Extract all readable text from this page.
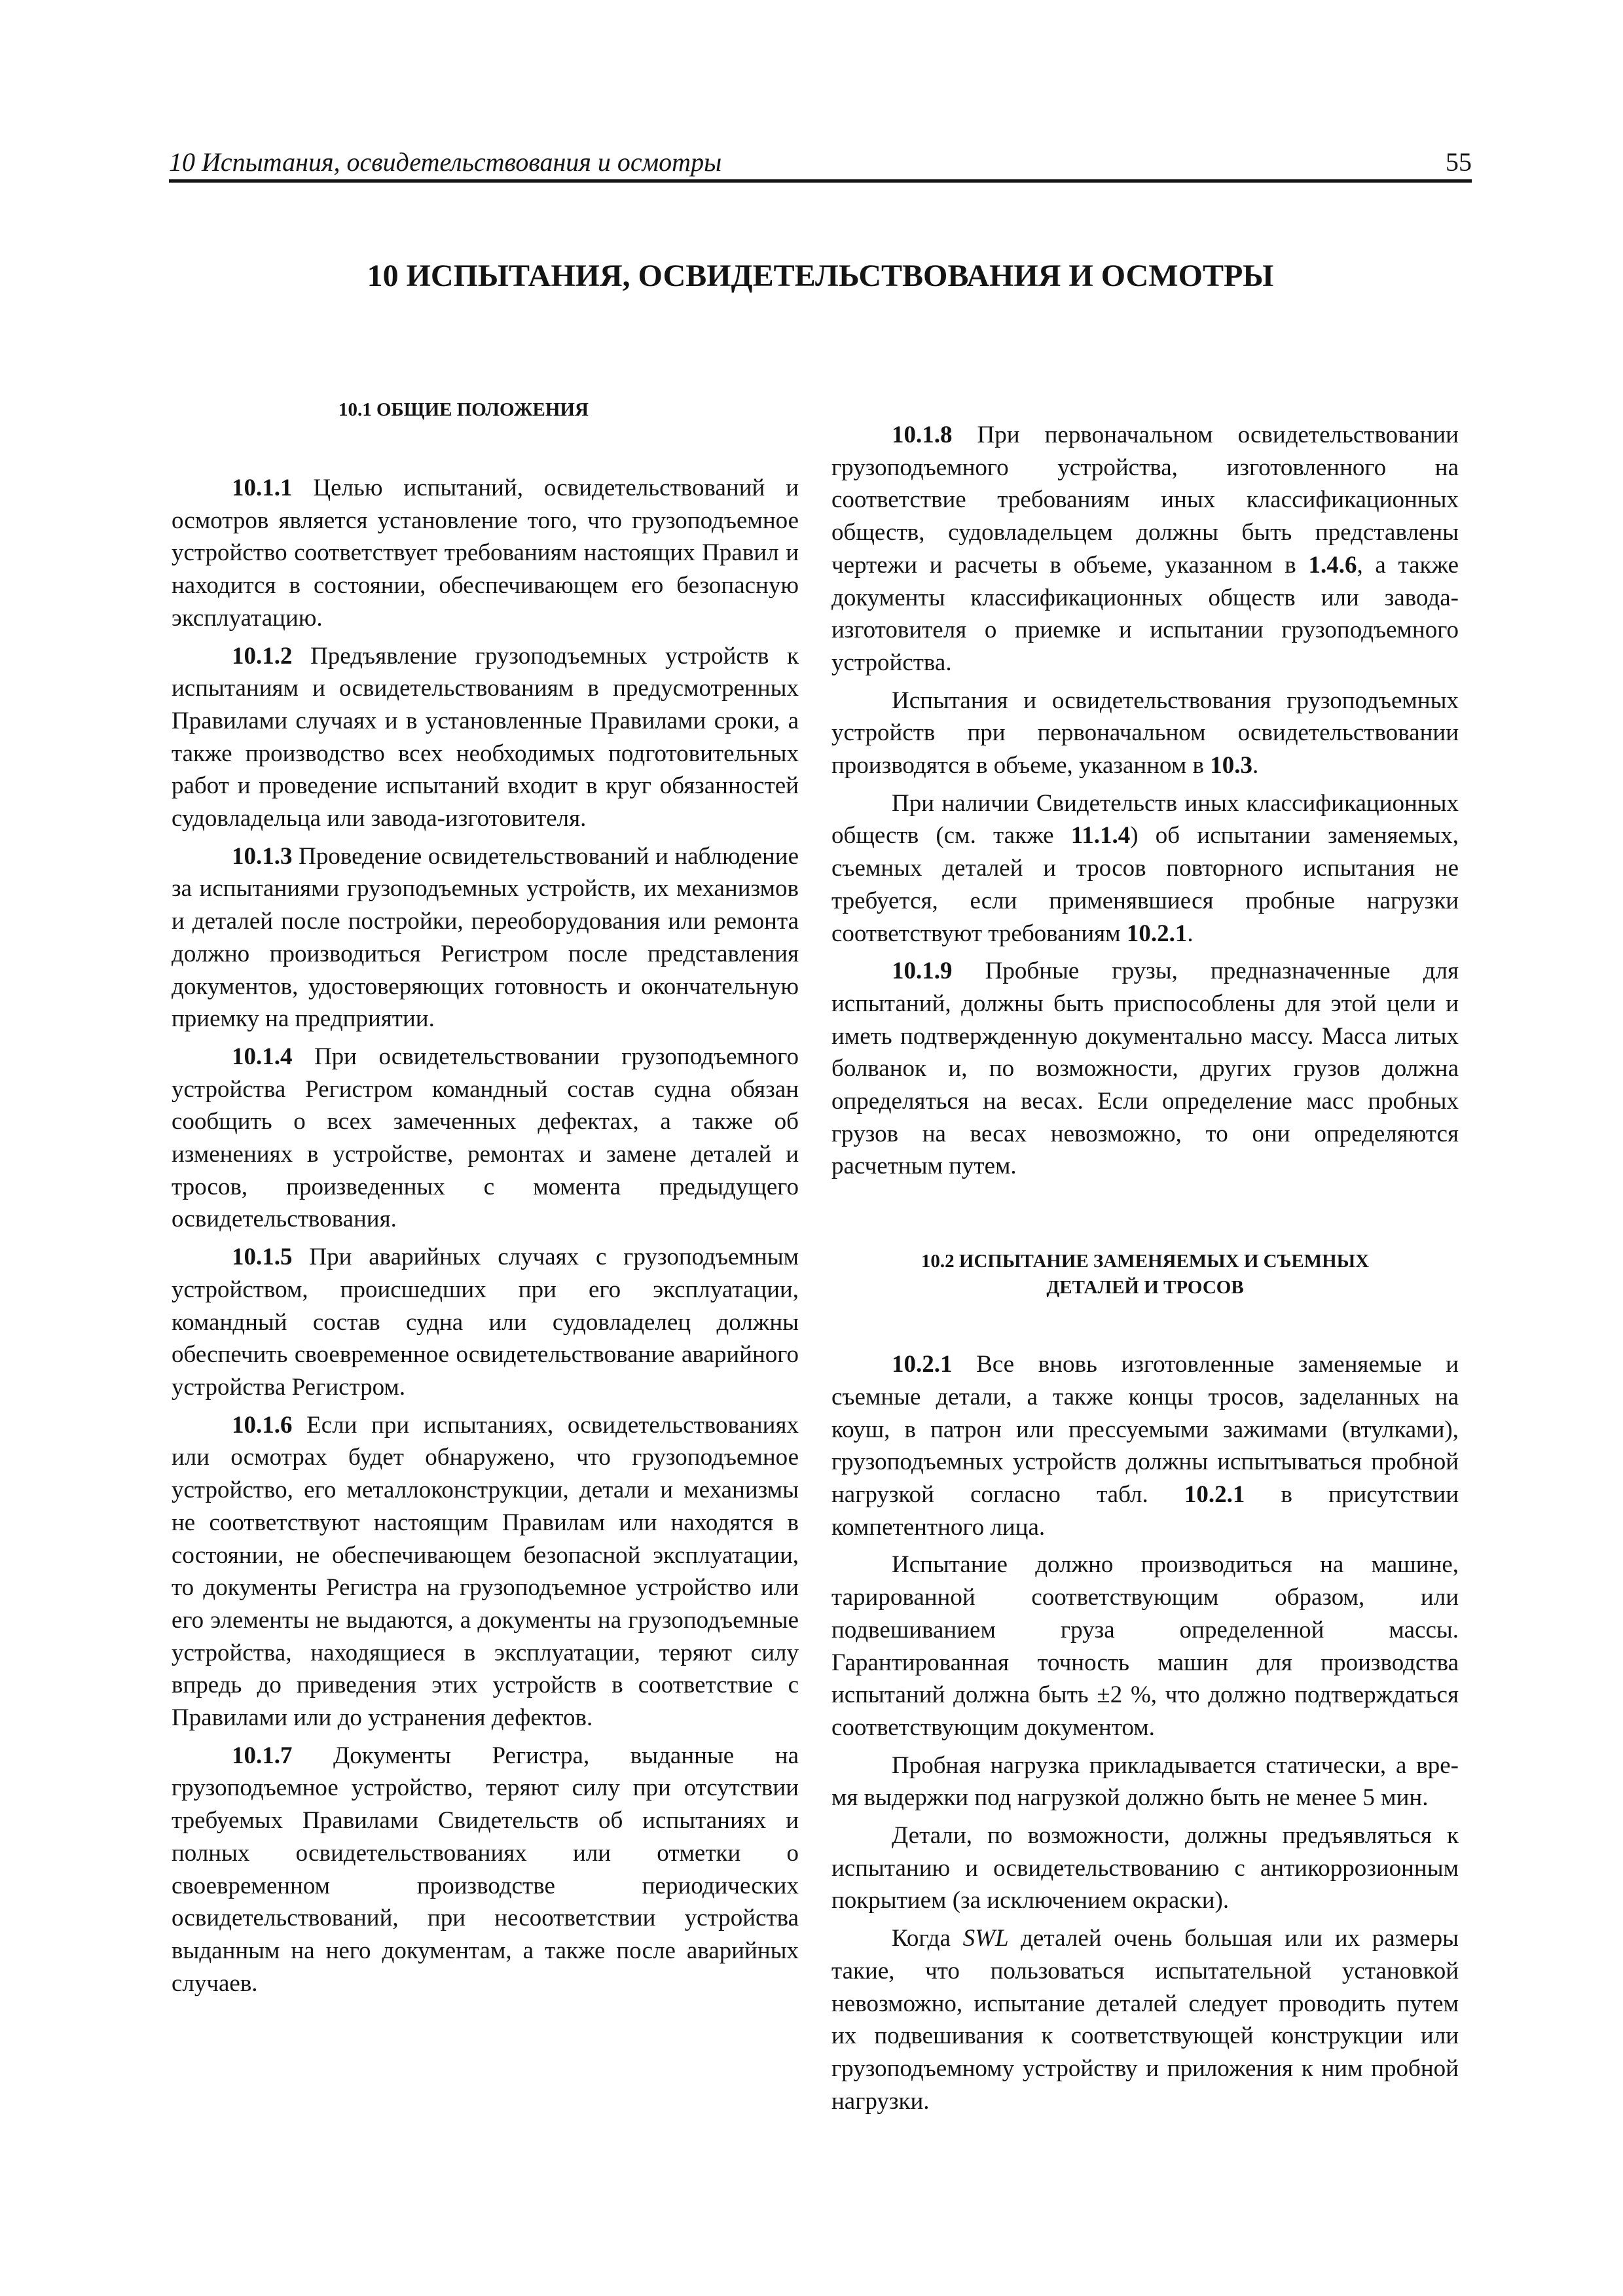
10 Испытания, освидетельствования и осмотры	55
10 ИСПЫТАНИЯ, ОСВИДЕТЕЛЬСТВОВАНИЯ И ОСМОТРЫ
10.1 ОБЩИЕ ПОЛОЖЕНИЯ

10.1.1 Целью испытаний, освидетельствований и осмотров является установление того, что грузоподъемное устройство соответствует требованиям настоящих Правил и находится в состоянии, обеспечивающем его безопасную эксплуатацию.

10.1.2 Предъявление грузоподъемных устройств к испытаниям и освидетельствованиям в предусмотренных Правилами случаях и в установленные Правилами сроки, а также производство всех необходимых подготовительных работ и проведение испытаний входит в круг обязанностей судовладельца или завода-изготовителя.

10.1.3 Проведение освидетельствований и наблюдение за испытаниями грузоподъемных устройств, их механизмов и деталей после постройки, переоборудования или ремонта должно производиться Регистром после представления документов, удостоверяющих готовность и окончательную приемку на предприятии.

10.1.4 При освидетельствовании грузоподъемного устройства Регистром командный состав судна обязан сообщить о всех замеченных дефектах, а также об изменениях в устройстве, ремонтах и замене деталей и тросов, произведенных с момента предыдущего освидетельствования.

10.1.5 При аварийных случаях с грузоподъемным устройством, происшедших при его эксплуатации, командный состав судна или судовладелец должны обеспечить своевременное освидетельствование аварийного устройства Регистром.

10.1.6 Если при испытаниях, освидетельствованиях или осмотрах будет обнаружено, что грузоподъемное устройство, его металлоконструкции, детали и механизмы не соответствуют настоящим Правилам или находятся в состоянии, не обеспечивающем безопасной эксплуатации, то документы Регистра на грузоподъемное устройство или его элементы не выдаются, а документы на грузоподъемные устройства, находящиеся в эксплуатации, теряют силу впредь до приведения этих устройств в соответствие с Правилами или до устранения дефектов.

10.1.7 Документы Регистра, выданные на грузоподъемное устройство, теряют силу при отсутствии требуемых Правилами Свидетельств об испытаниях и полных освидетельствованиях или отметки о своевременном производстве периодических освидетельствований, при несоответствии устройства выданным на него документам, а также после аварийных случаев.

10.1.8 При первоначальном освидетельствовании грузоподъемного устройства, изготовленного на соответствие требованиям иных классификационных обществ, судовладельцем должны быть представлены чертежи и расчеты в объеме, указанном в 1.4.6, а также документы классификационных обществ или завода-изготовителя о приемке и испытании грузоподъемного устройства.

Испытания и освидетельствования грузоподъемных устройств при первоначальном освидетельствовании производятся в объеме, указанном в 10.3.

При наличии Свидетельств иных классификационных обществ (см. также 11.1.4) об испытании заменяемых, съемных деталей и тросов повторного испытания не требуется, если применявшиеся пробные нагрузки соответствуют требованиям 10.2.1.

10.1.9 Пробные грузы, предназначенные для испытаний, должны быть приспособлены для этой цели и иметь подтвержденную документально массу. Масса литых болванок и, по возможности, других грузов должна определяться на весах. Если определение масс пробных грузов на весах невозможно, то они определяются расчетным путем.

10.2 ИСПЫТАНИЕ ЗАМЕНЯЕМЫХ И СЪЕМНЫХ
ДЕТАЛЕЙ И ТРОСОВ

10.2.1 Все вновь изготовленные заменяемые и съемные детали, а также концы тросов, заделанных на коуш, в патрон или прессуемыми зажимами (втулками), грузоподъемных устройств должны испытываться пробной нагрузкой согласно табл. 10.2.1 в присутствии компетентного лица.

Испытание должно производиться на машине, тарированной соответствующим образом, или подвешиванием груза определенной массы. Гарантированная точность машин для производства испытаний должна быть ±2 %, что должно подтверждаться соответствующим документом.

Пробная нагрузка прикладывается статически, а время выдержки под нагрузкой должно быть не менее 5 мин.

Детали, по возможности, должны предъявляться к испытанию и освидетельствованию с антикоррозионным покрытием (за исключением окраски).

Когда SWL деталей очень большая или их размеры такие, что пользоваться испытательной установкой невозможно, испытание деталей следует проводить путем их подвешивания к соответствующей конструкции или грузоподъемному устройству и приложения к ним пробной нагрузки.
